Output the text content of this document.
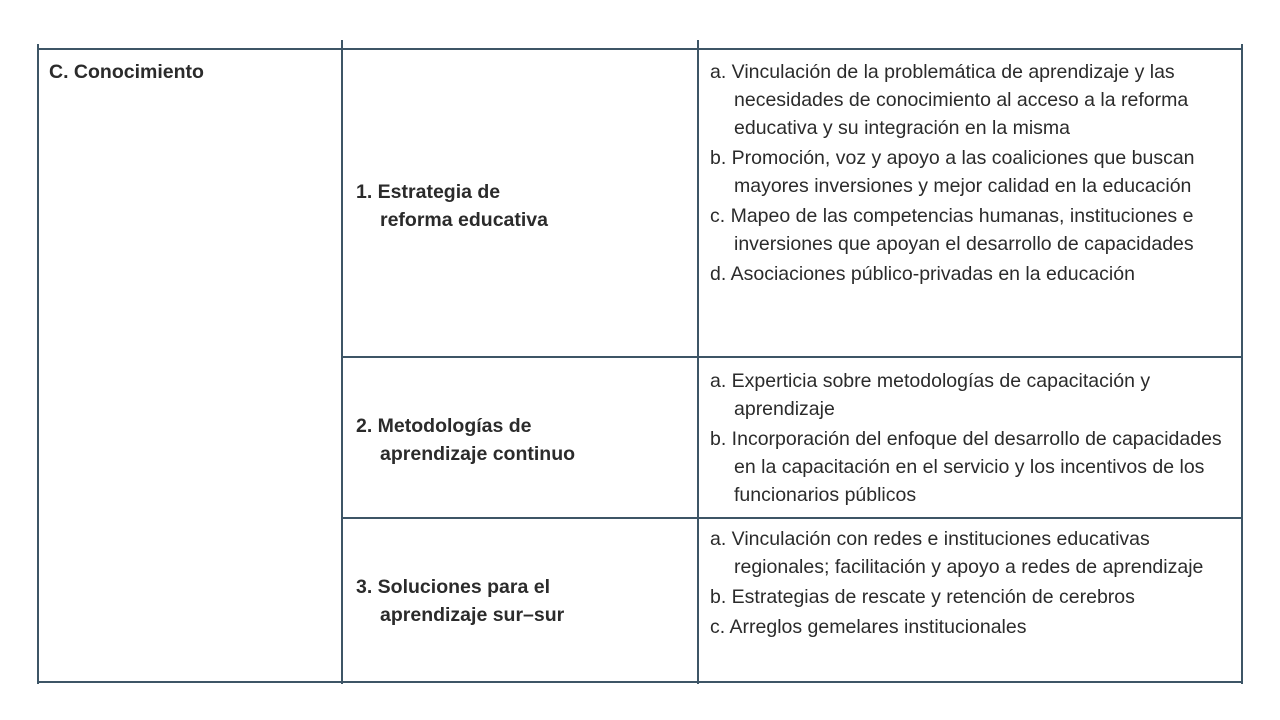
C. Conocimiento
1. Estrategia de
reforma educativa
a. Vinculación de la problemática de aprendizaje y las necesidades de conocimiento al acceso a la reforma educativa y su integración en la misma
b. Promoción, voz y apoyo a las coaliciones que buscan mayores inversiones y mejor calidad en la educación
c. Mapeo de las competencias humanas, instituciones e inversiones que apoyan el desarrollo de capacidades
d. Asociaciones público-privadas en la educación
2. Metodologías de
aprendizaje continuo
a. Experticia sobre metodologías de capacitación y aprendizaje
b. Incorporación del enfoque del desarrollo de capacidades en la capacitación en el servicio y los incentivos de los funcionarios públicos
3. Soluciones para el
aprendizaje sur–sur
a. Vinculación con redes e instituciones educativas regionales; facilitación y apoyo a redes de aprendizaje
b. Estrategias de rescate y retención de cerebros
c. Arreglos gemelares institucionales
